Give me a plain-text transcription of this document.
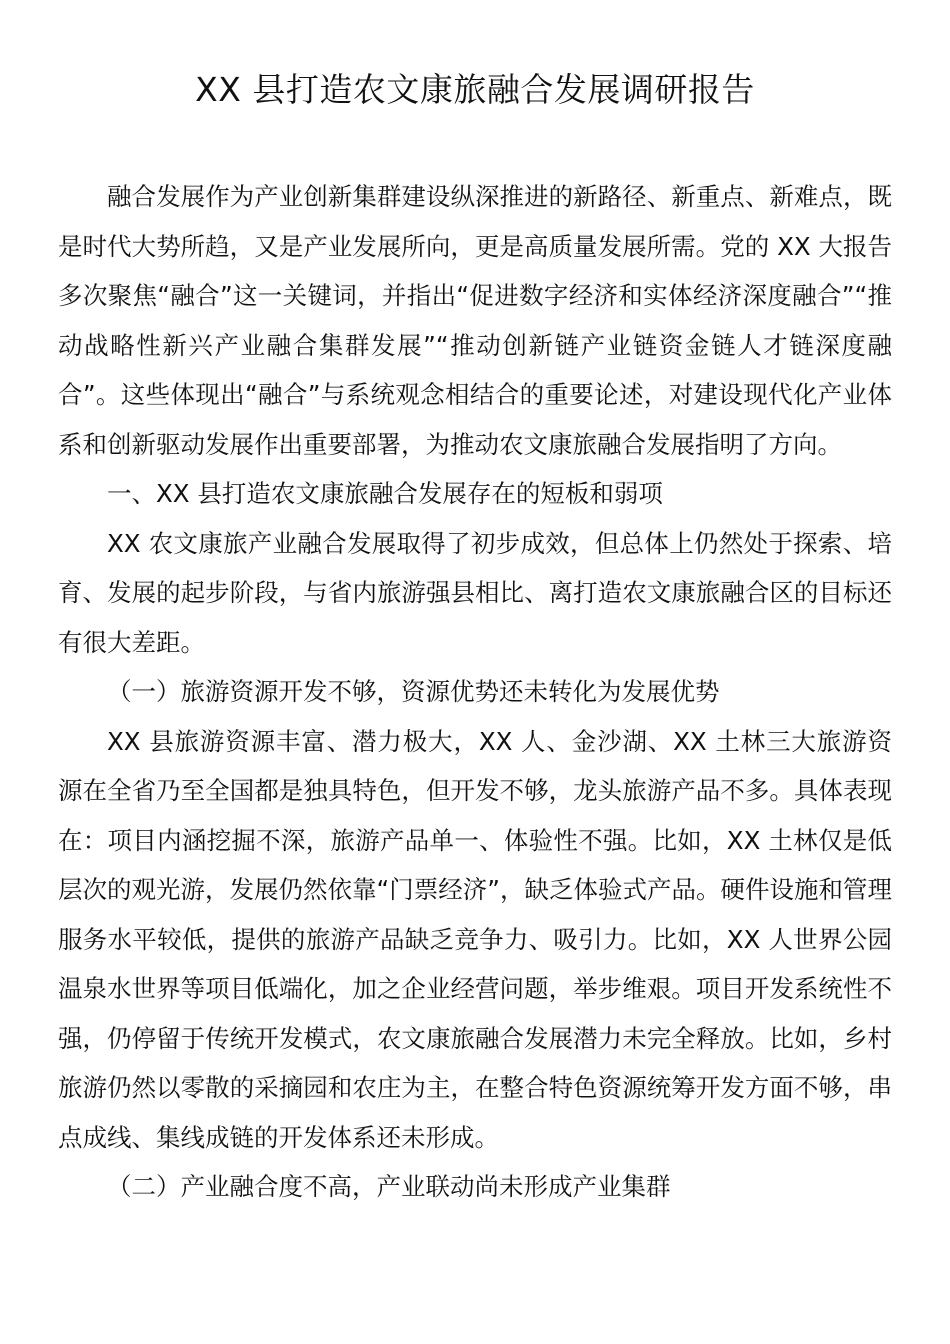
XX 县打造农文康旅融合发展调研报告

融合发展作为产业创新集群建设纵深推进的新路径、新重点、新难点，既是时代大势所趋，又是产业发展所向，更是高质量发展所需。党的 XX 大报告多次聚焦“融合”这一关键词，并指出“促进数字经济和实体经济深度融合”“推动战略性新兴产业融合集群发展”“推动创新链产业链资金链人才链深度融合”。这些体现出“融合”与系统观念相结合的重要论述，对建设现代化产业体系和创新驱动发展作出重要部署，为推动农文康旅融合发展指明了方向。

一、XX 县打造农文康旅融合发展存在的短板和弱项

XX 农文康旅产业融合发展取得了初步成效，但总体上仍然处于探索、培育、发展的起步阶段，与省内旅游强县相比、离打造农文康旅融合区的目标还有很大差距。

（一）旅游资源开发不够，资源优势还未转化为发展优势

XX 县旅游资源丰富、潜力极大，XX 人、金沙湖、XX 土林三大旅游资源在全省乃至全国都是独具特色，但开发不够，龙头旅游产品不多。具体表现在：项目内涵挖掘不深，旅游产品单一、体验性不强。比如，XX 土林仅是低层次的观光游，发展仍然依靠“门票经济”，缺乏体验式产品。硬件设施和管理服务水平较低，提供的旅游产品缺乏竞争力、吸引力。比如，XX 人世界公园温泉水世界等项目低端化，加之企业经营问题，举步维艰。项目开发系统性不强，仍停留于传统开发模式，农文康旅融合发展潜力未完全释放。比如，乡村旅游仍然以零散的采摘园和农庄为主，在整合特色资源统筹开发方面不够，串点成线、集线成链的开发体系还未形成。

（二）产业融合度不高，产业联动尚未形成产业集群
